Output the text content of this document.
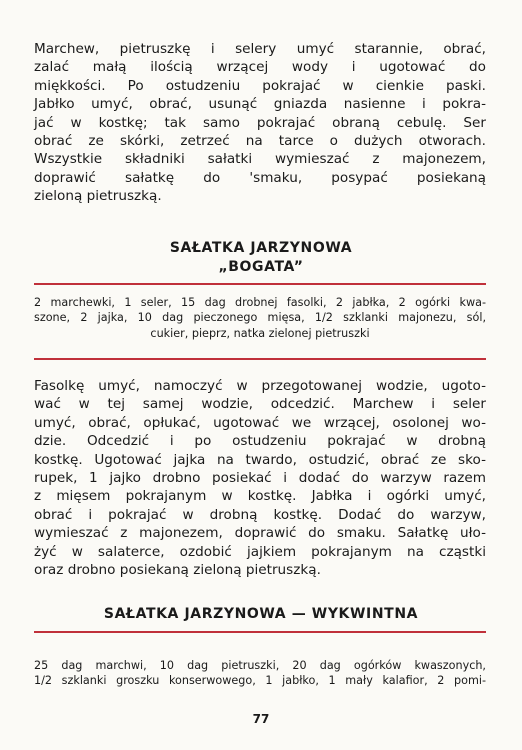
Marchew, pietruszkę i selery umyć starannie, obrać,
zalać małą ilością wrzącej wody i ugotować do
miękkości. Po ostudzeniu pokrajać w cienkie paski.
Jabłko umyć, obrać, usunąć gniazda nasienne i pokra-
jać w kostkę; tak samo pokrajać obraną cebulę. Ser
obrać ze skórki, zetrzeć na tarce o dużych otworach.
Wszystkie składniki sałatki wymieszać z majonezem,
doprawić sałatkę do 'smaku, posypać posiekaną
zieloną pietruszką.
SAŁATKA JARZYNOWA
„BOGATA”
2 marchewki, 1 seler, 15 dag drobnej fasolki, 2 jabłka, 2 ogórki kwa-
szone, 2 jajka, 10 dag pieczonego mięsa, 1/2 szklanki majonezu, sól,
cukier, pieprz, natka zielonej pietruszki
Fasolkę umyć, namoczyć w przegotowanej wodzie, ugoto-
wać w tej samej wodzie, odcedzić. Marchew i seler
umyć, obrać, opłukać, ugotować we wrzącej, osolonej wo-
dzie. Odcedzić i po ostudzeniu pokrajać w drobną
kostkę. Ugotować jajka na twardo, ostudzić, obrać ze sko-
rupek, 1 jajko drobno posiekać i dodać do warzyw razem
z mięsem pokrajanym w kostkę. Jabłka i ogórki umyć,
obrać i pokrajać w drobną kostkę. Dodać do warzyw,
wymieszać z majonezem, doprawić do smaku. Sałatkę uło-
żyć w salaterce, ozdobić jajkiem pokrajanym na cząstki
oraz drobno posiekaną zieloną pietruszką.
SAŁATKA JARZYNOWA — WYKWINTNA
25 dag marchwi, 10 dag pietruszki, 20 dag ogórków kwaszonych,
1/2 szklanki groszku konserwowego, 1 jabłko, 1 mały kalafior, 2 pomi-
77
